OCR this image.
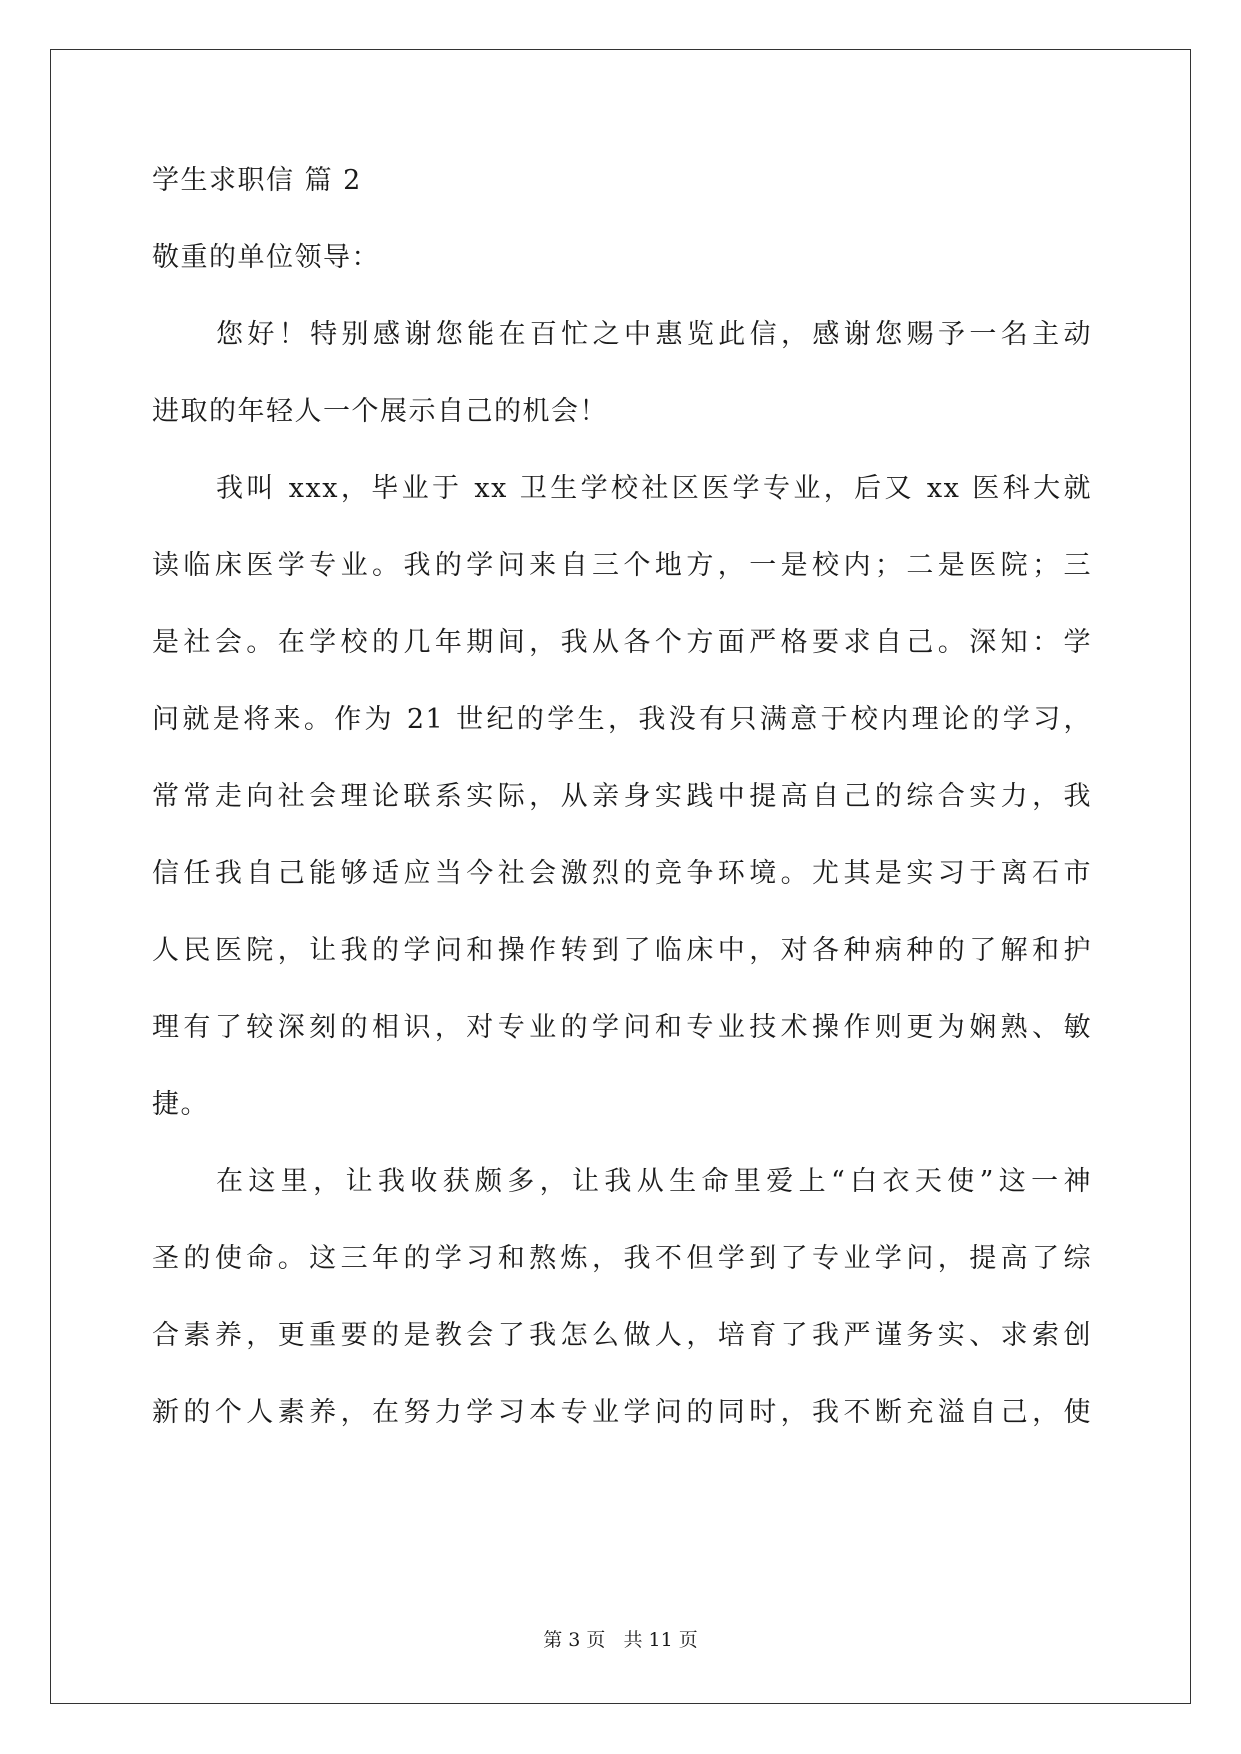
学生求职信 篇 2
敬重的单位领导：
您好！特别感谢您能在百忙之中惠览此信，感谢您赐予一名主动
进取的年轻人一个展示自己的机会！
我叫 xxx，毕业于 xx 卫生学校社区医学专业，后又 xx 医科大就
读临床医学专业。我的学问来自三个地方，一是校内；二是医院；三
是社会。在学校的几年期间，我从各个方面严格要求自己。深知：学
问就是将来。作为 21 世纪的学生，我没有只满意于校内理论的学习，
常常走向社会理论联系实际，从亲身实践中提高自己的综合实力，我
信任我自己能够适应当今社会激烈的竞争环境。尤其是实习于离石市
人民医院，让我的学问和操作转到了临床中，对各种病种的了解和护
理有了较深刻的相识，对专业的学问和专业技术操作则更为娴熟、敏
捷。
在这里，让我收获颇多，让我从生命里爱上“白衣天使”这一神
圣的使命。这三年的学习和熬炼，我不但学到了专业学问，提高了综
合素养，更重要的是教会了我怎么做人，培育了我严谨务实、求索创
新的个人素养，在努力学习本专业学问的同时，我不断充溢自己，使
第 3 页 共 11 页
